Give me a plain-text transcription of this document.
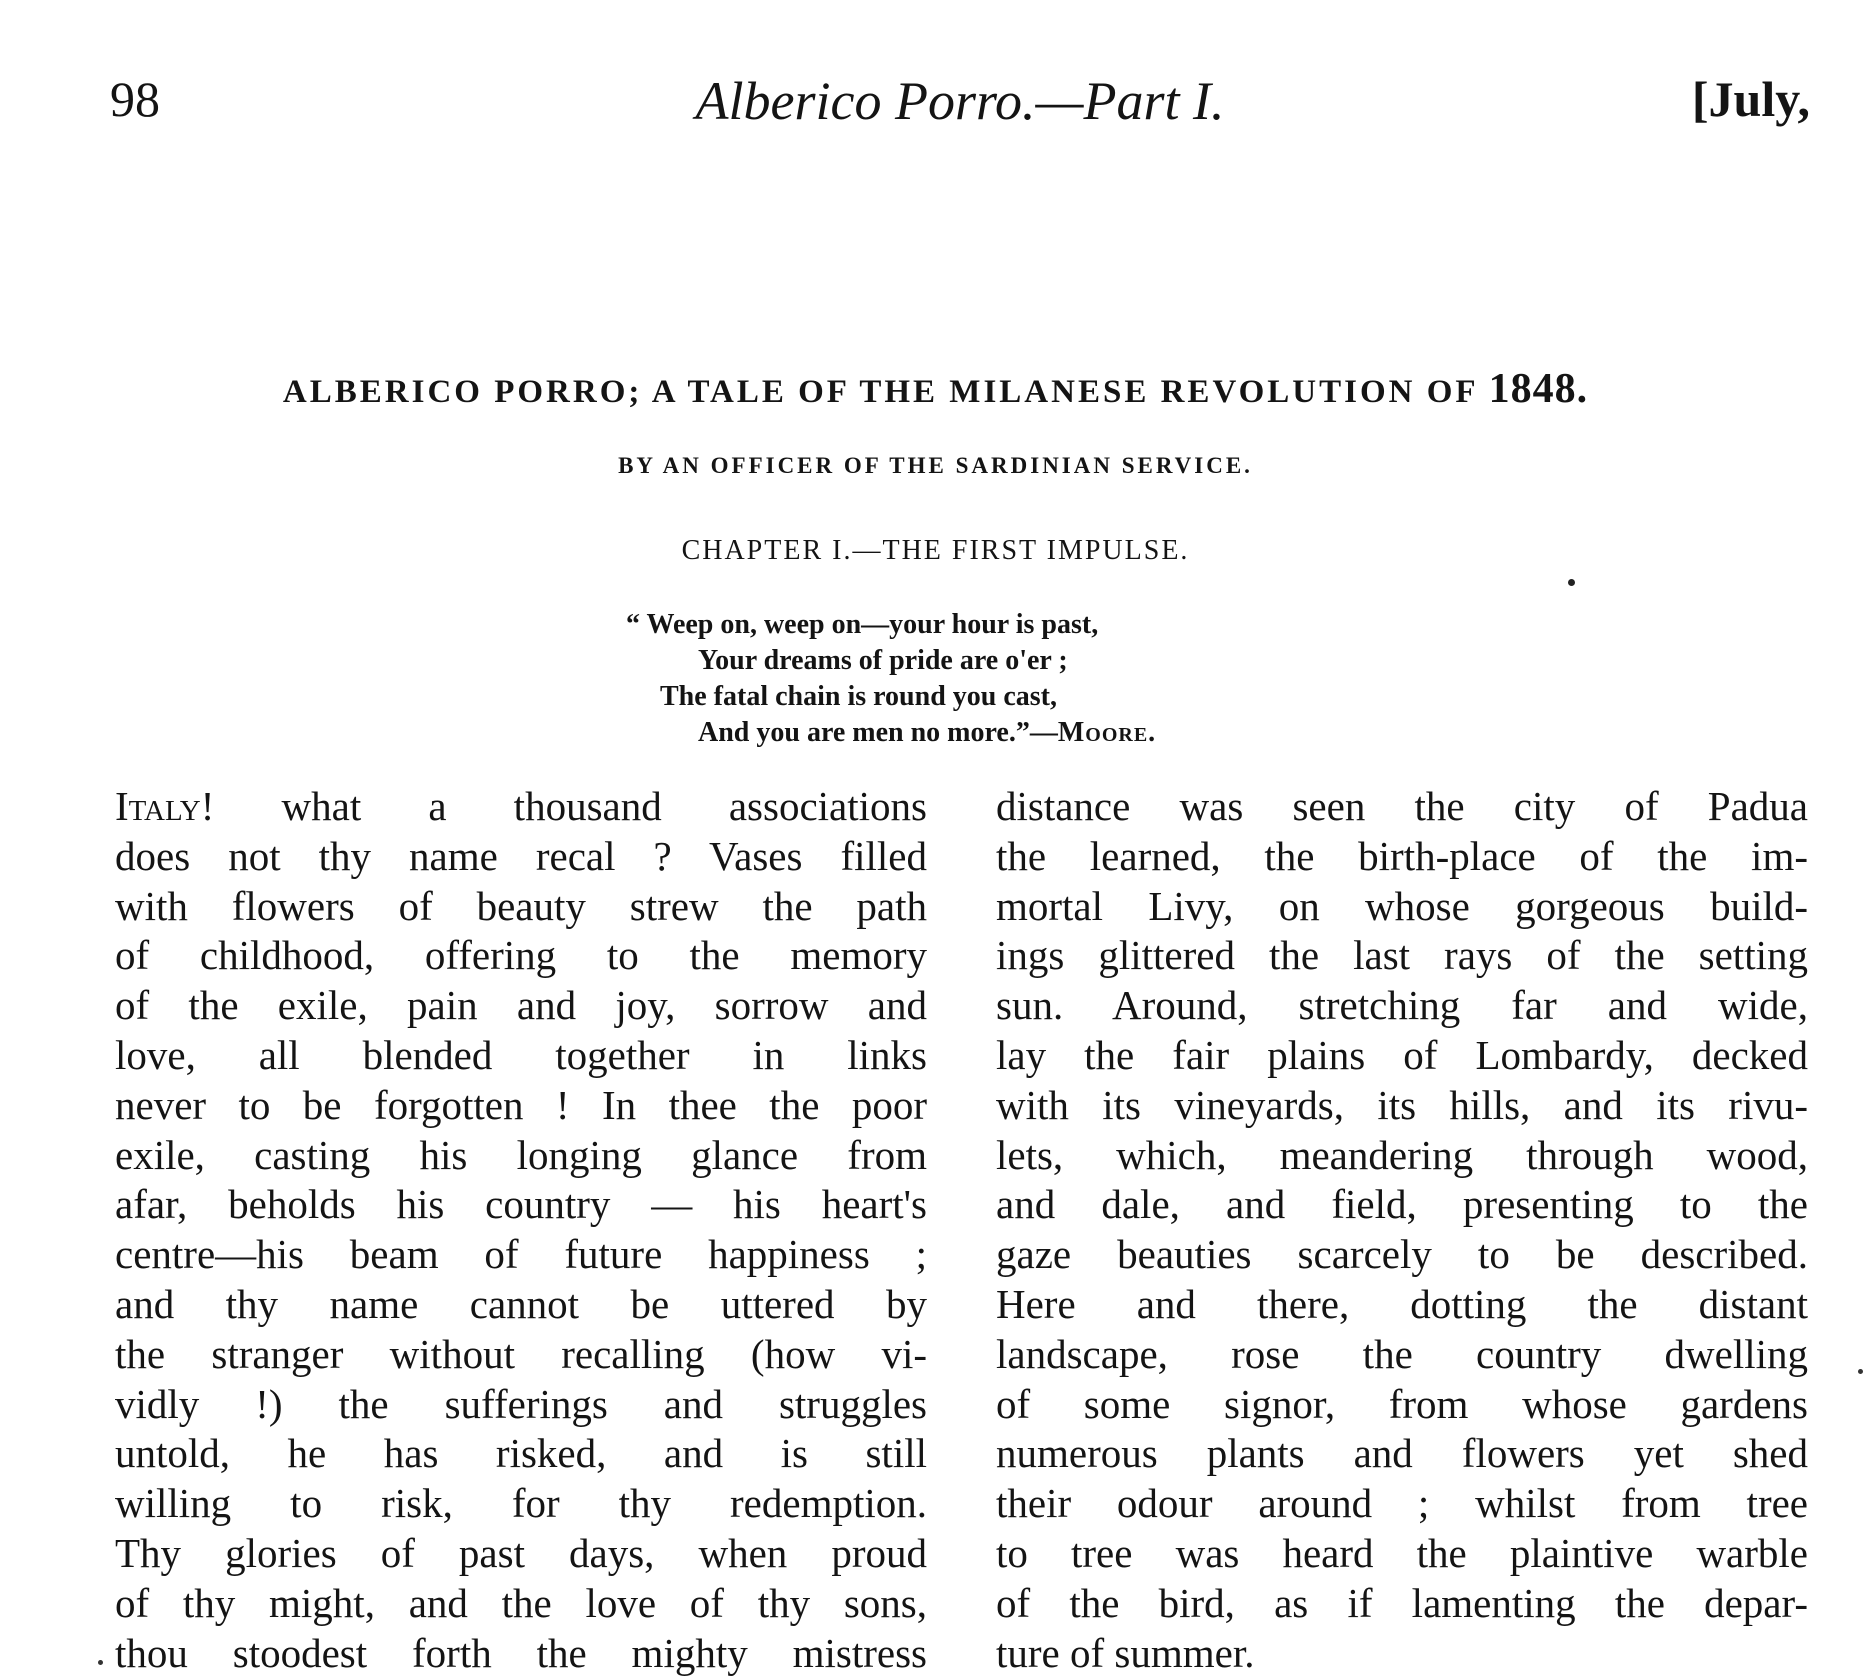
98	Alberico Porro.—Part I.	[July,
ALBERICO PORRO; A TALE OF THE MILANESE REVOLUTION OF 1848.
BY AN OFFICER OF THE SARDINIAN SERVICE.
CHAPTER I.—THE FIRST IMPULSE.
“ Weep on, weep on—your hour is past,
Your dreams of pride are o'er ;
The fatal chain is round you cast,
And you are men no more.”—Moore.
Italy! what a thousand associations
does not thy name recal ? Vases filled
with flowers of beauty strew the path
of childhood, offering to the memory
of the exile, pain and joy, sorrow and
love, all blended together in links
never to be forgotten ! In thee the poor
exile, casting his longing glance from
afar, beholds his country — his heart's
centre—his beam of future happiness ;
and thy name cannot be uttered by
the stranger without recalling (how vi-
vidly !) the sufferings and struggles
untold, he has risked, and is still
willing to risk, for thy redemption.
Thy glories of past days, when proud
of thy might, and the love of thy sons,
thou stoodest forth the mighty mistress
distance was seen the city of Padua
the learned, the birth-place of the im-
mortal Livy, on whose gorgeous build-
ings glittered the last rays of the setting
sun. Around, stretching far and wide,
lay the fair plains of Lombardy, decked
with its vineyards, its hills, and its rivu-
lets, which, meandering through wood,
and dale, and field, presenting to the
gaze beauties scarcely to be described.
Here and there, dotting the distant
landscape, rose the country dwelling
of some signor, from whose gardens
numerous plants and flowers yet shed
their odour around ; whilst from tree
to tree was heard the plaintive warble
of the bird, as if lamenting the depar-
ture of summer.
